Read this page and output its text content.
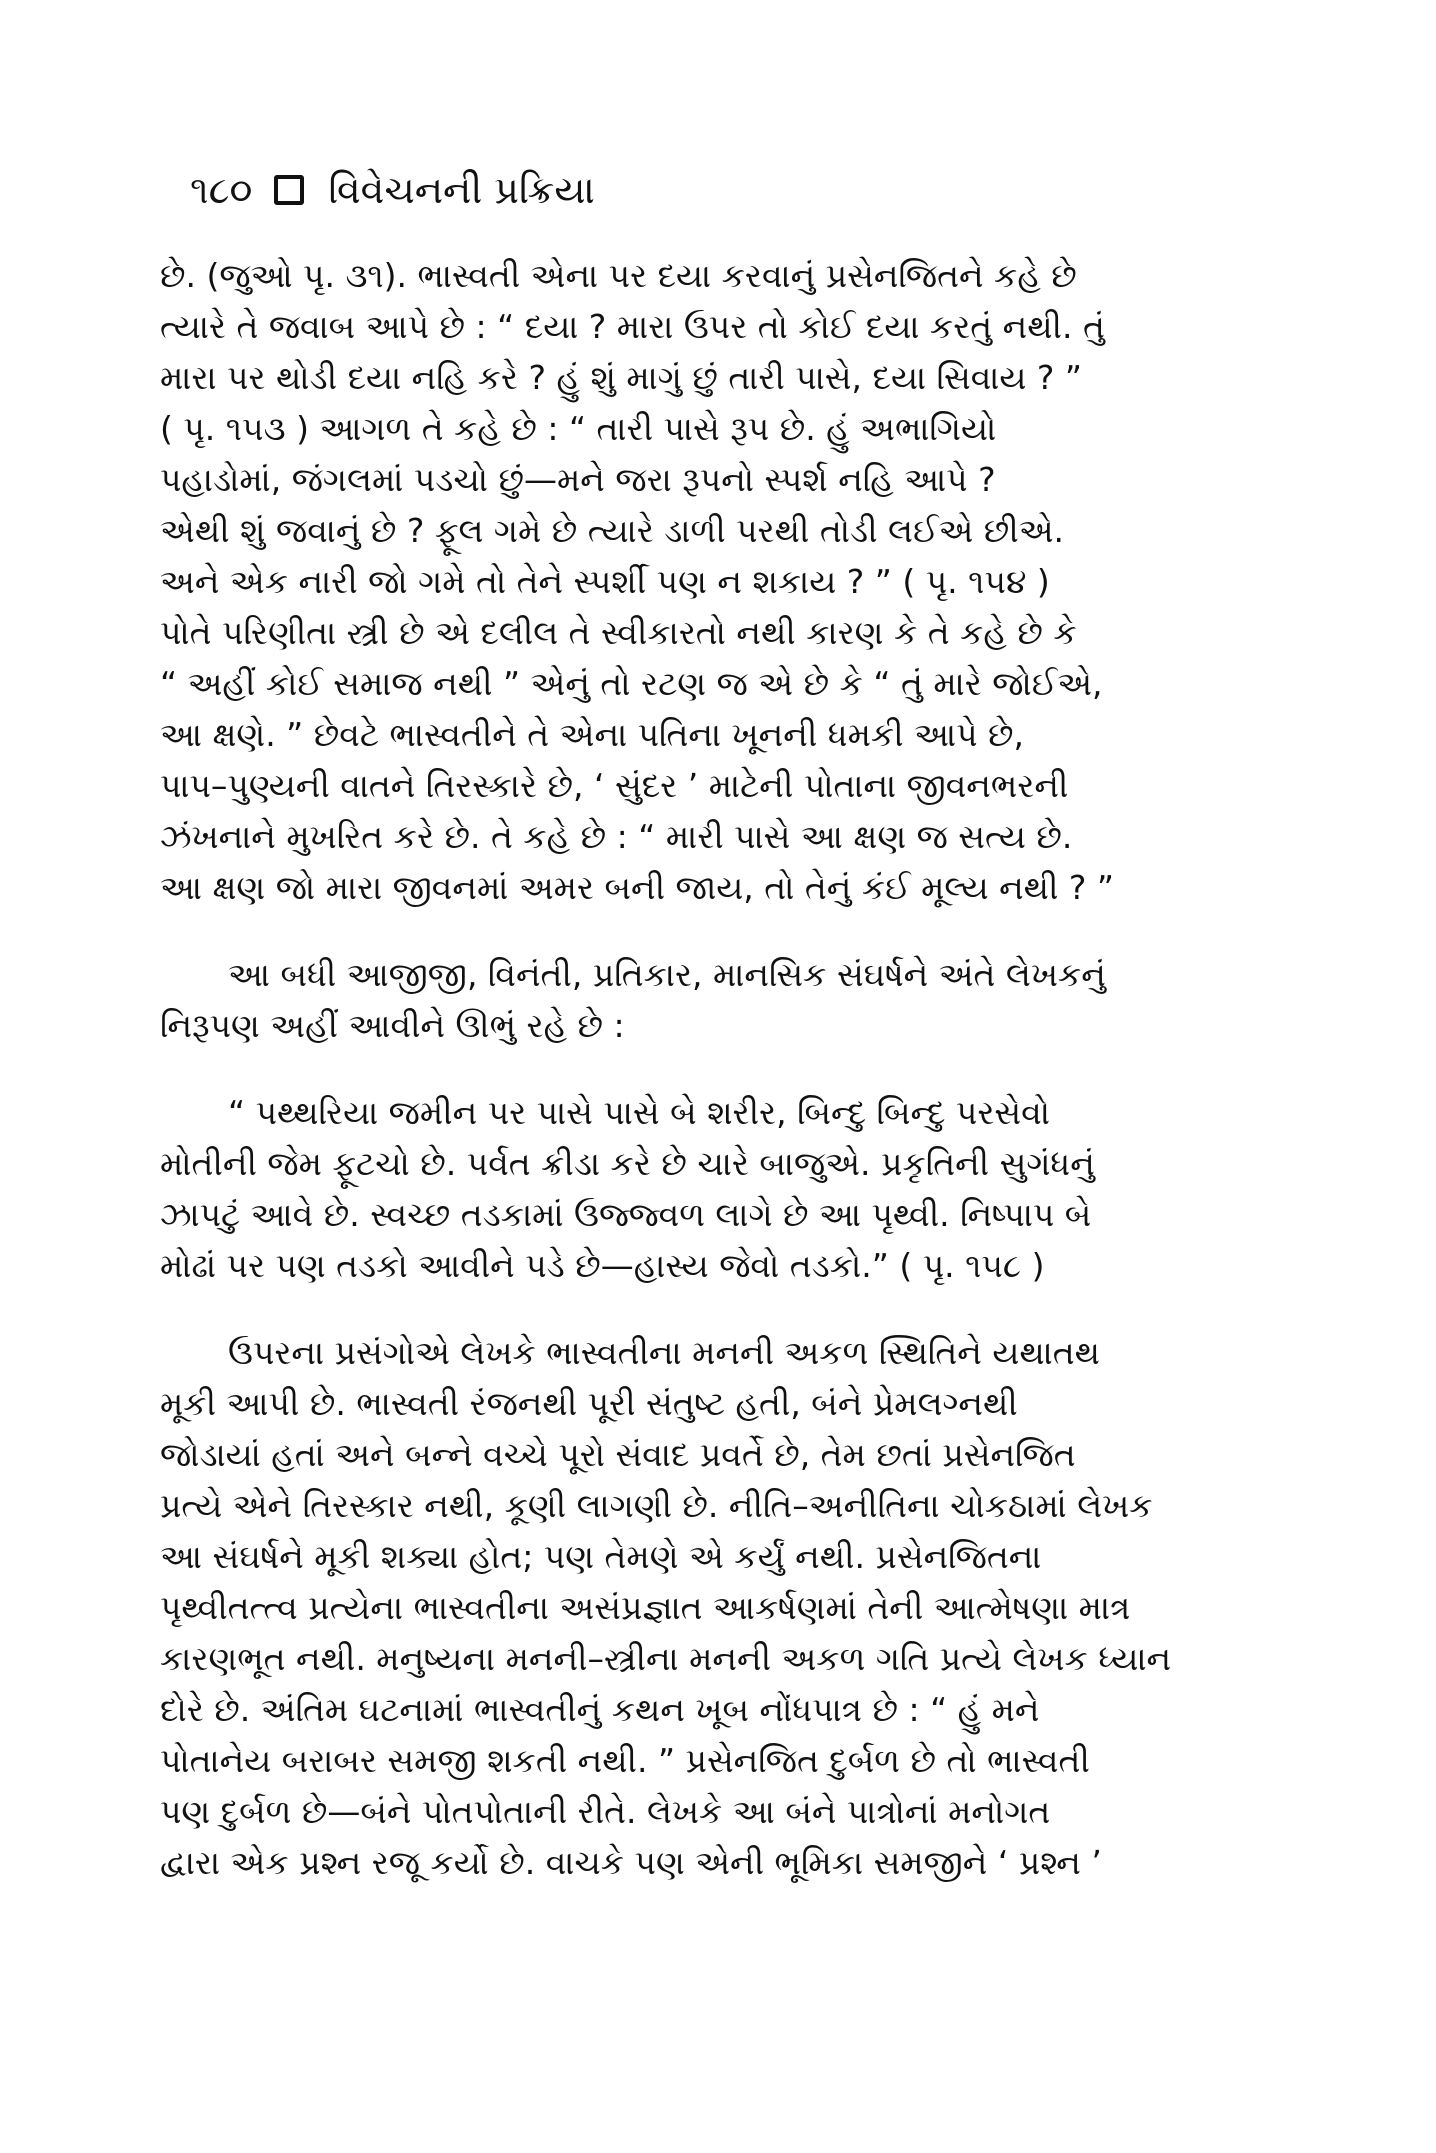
૧૮૦ વિવેચનની પ્રક્રિયા
છે. (જુઓ પૃ. ૩૧). ભાસ્વતી એના પર દયા કરવાનું પ્રસેનજિતને કહે છે
ત્યારે તે જવાબ આપે છે : “ દયા ? મારા ઉપર તો કોઈ દયા કરતું નથી. તું
મારા પર થોડી દયા નહિ કરે ? હું શું માગું છું તારી પાસે, દયા સિવાય ? ”
( પૃ. ૧૫૩ ) આગળ તે કહે છે : “ તારી પાસે રૂપ છે. હું અભાગિયો
પહાડોમાં, જંગલમાં પડચો છું—મને જરા રૂપનો સ્પર્શ નહિ આપે ?
એથી શું જવાનું છે ? ફૂલ ગમે છે ત્યારે ડાળી પરથી તોડી લઈએ છીએ.
અને એક નારી જો ગમે તો તેને સ્પર્શી પણ ન શકાય ? ” ( પૃ. ૧૫૪ )
પોતે પરિણીતા સ્ત્રી છે એ દલીલ તે સ્વીકારતો નથી કારણ કે તે કહે છે કે
“ અહીં કોઈ સમાજ નથી ” એનું તો રટણ જ એ છે કે “ તું મારે જોઈએ,
આ ક્ષણે. ” છેવટે ભાસ્વતીને તે એના પતિના ખૂનની ધમકી આપે છે,
પાપ–પુણ્યની વાતને તિરસ્કારે છે, ‘ સુંદર ’ માટેની પોતાના જીવનભરની
ઝંખનાને મુખરિત કરે છે. તે કહે છે : “ મારી પાસે આ ક્ષણ જ સત્ય છે.
આ ક્ષણ જો મારા જીવનમાં અમર બની જાય, તો તેનું કંઈ મૂલ્ય નથી ? ”
આ બધી આજીજી, વિનંતી, પ્રતિકાર, માનસિક સંઘર્ષને અંતે લેખકનું
નિરૂપણ અહીં આવીને ઊભું રહે છે :
“ પથ્થરિયા જમીન પર પાસે પાસે બે શરીર, બિન્દુ બિન્દુ પરસેવો
મોતીની જેમ ફૂટચો છે. પર્વત ક્રીડા કરે છે ચારે બાજુએ. પ્રકૃતિની સુગંધનું
ઝાપટું આવે છે. સ્વચ્છ તડકામાં ઉજ્જ્વળ લાગે છે આ પૃથ્વી. નિષ્પાપ બે
મોઢાં પર પણ તડકો આવીને પડે છે—હાસ્ય જેવો તડકો.” ( પૃ. ૧૫૮ )
ઉપરના પ્રસંગોએ લેખકે ભાસ્વતીના મનની અકળ સ્થિતિને યથાતથ
મૂકી આપી છે. ભાસ્વતી રંજનથી પૂરી સંતુષ્ટ હતી, બંને પ્રેમલગ્નથી
જોડાયાં હતાં અને બન્ને વચ્ચે પૂરો સંવાદ પ્રવર્તે છે, તેમ છતાં પ્રસેનજિત
પ્રત્યે એને તિરસ્કાર નથી, કૂણી લાગણી છે. નીતિ–અનીતિના ચોકઠામાં લેખક
આ સંઘર્ષને મૂકી શક્યા હોત; પણ તેમણે એ કર્યું નથી. પ્રસેનજિતના
પૃથ્વીતત્ત્વ પ્રત્યેના ભાસ્વતીના અસંપ્રજ્ઞાત આકર્ષણમાં તેની આત્મેષણા માત્ર
કારણભૂત નથી. મનુષ્યના મનની–સ્ત્રીના મનની અકળ ગતિ પ્રત્યે લેખક ધ્યાન
દોરે છે. અંતિમ ઘટનામાં ભાસ્વતીનું કથન ખૂબ નોંધપાત્ર છે : “ હું મને
પોતાનેય બરાબર સમજી શકતી નથી. ” પ્રસેનજિત દુર્બળ છે તો ભાસ્વતી
પણ દુર્બળ છે—બંને પોતપોતાની રીતે. લેખકે આ બંને પાત્રોનાં મનોગત
દ્વારા એક પ્રશ્ન રજૂ કર્યો છે. વાચકે પણ એની ભૂમિકા સમજીને ‘ પ્રશ્ન ’
